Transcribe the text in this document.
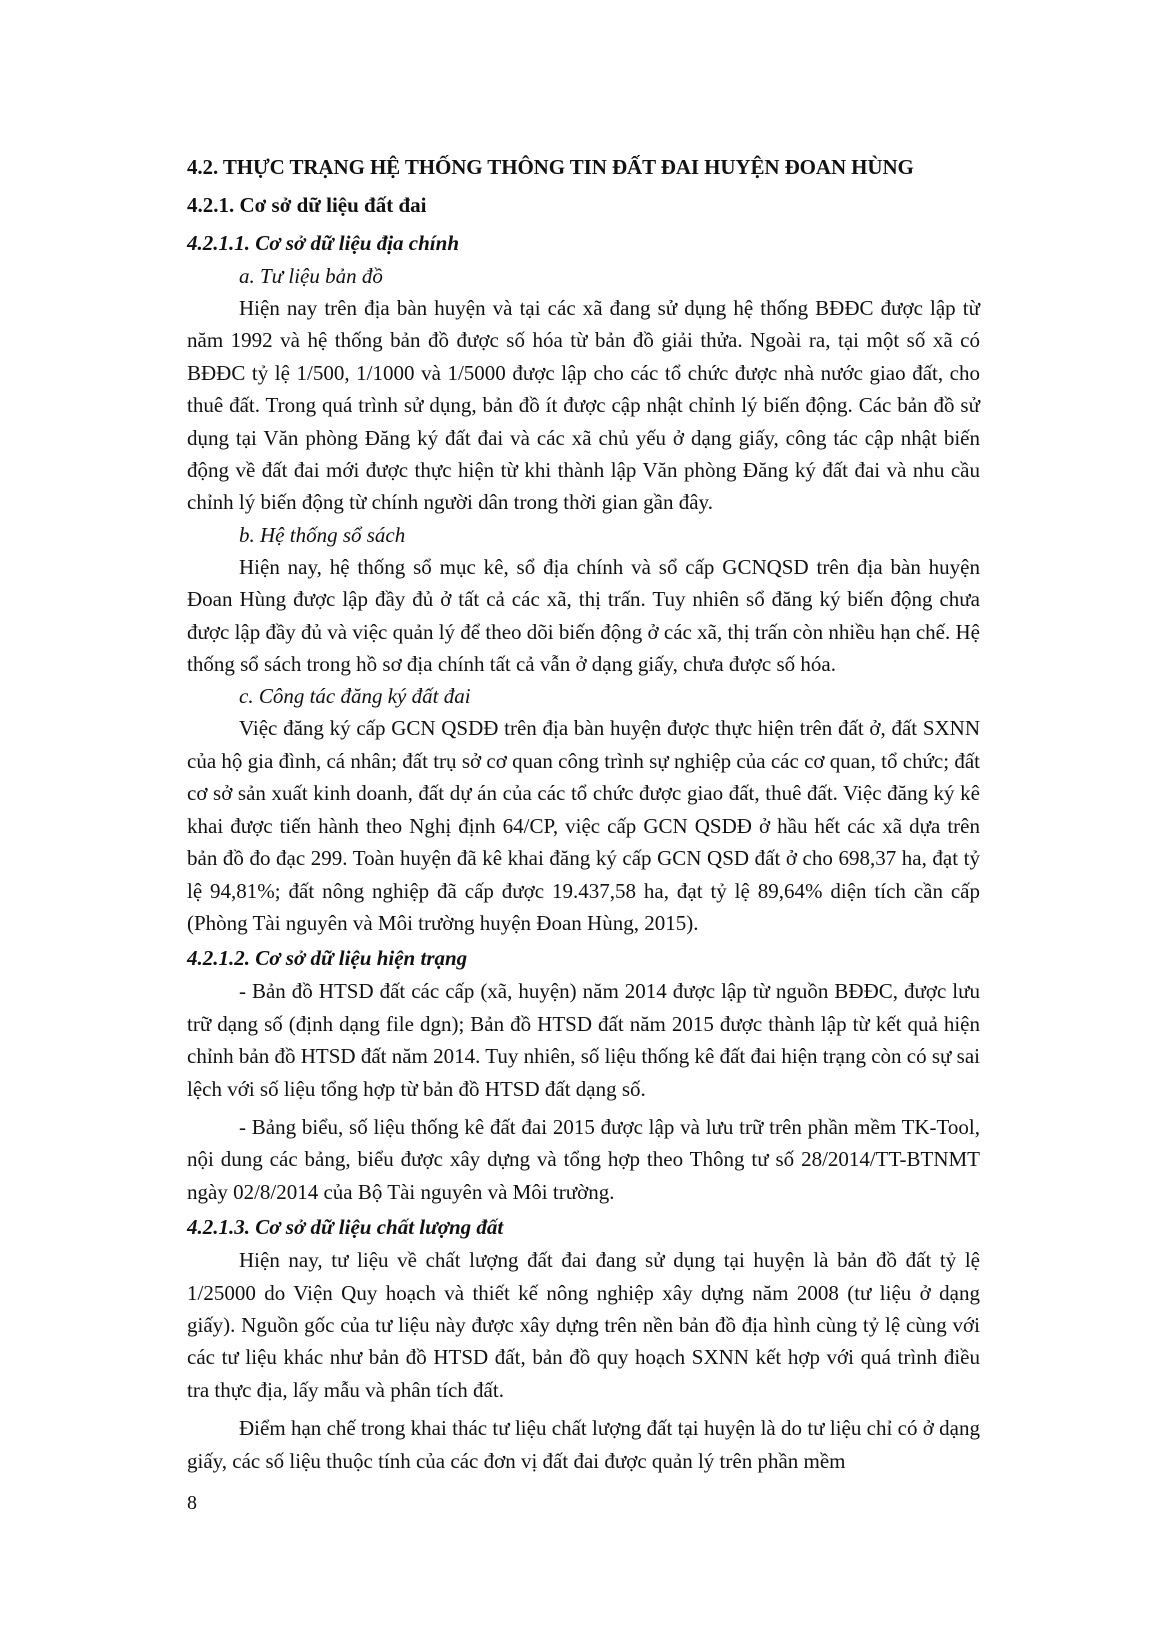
4.2. THỰC TRẠNG HỆ THỐNG THÔNG TIN ĐẤT ĐAI HUYỆN ĐOAN HÙNG
4.2.1. Cơ sở dữ liệu đất đai
4.2.1.1. Cơ sở dữ liệu địa chính

a. Tư liệu bản đồ

Hiện nay trên địa bàn huyện và tại các xã đang sử dụng hệ thống BĐĐC được lập từ năm 1992 và hệ thống bản đồ được số hóa từ bản đồ giải thửa. Ngoài ra, tại một số xã có BĐĐC tỷ lệ 1/500, 1/1000 và 1/5000 được lập cho các tổ chức được nhà nước giao đất, cho thuê đất. Trong quá trình sử dụng, bản đồ ít được cập nhật chỉnh lý biến động. Các bản đồ sử dụng tại Văn phòng Đăng ký đất đai và các xã chủ yếu ở dạng giấy, công tác cập nhật biến động về đất đai mới được thực hiện từ khi thành lập Văn phòng Đăng ký đất đai và nhu cầu chỉnh lý biến động từ chính người dân trong thời gian gần đây.

b. Hệ thống sổ sách

Hiện nay, hệ thống sổ mục kê, sổ địa chính và sổ cấp GCNQSD trên địa bàn huyện Đoan Hùng được lập đầy đủ ở tất cả các xã, thị trấn. Tuy nhiên sổ đăng ký biến động chưa được lập đầy đủ và việc quản lý để theo dõi biến động ở các xã, thị trấn còn nhiều hạn chế. Hệ thống sổ sách trong hồ sơ địa chính tất cả vẫn ở dạng giấy, chưa được số hóa.

c. Công tác đăng ký đất đai

Việc đăng ký cấp GCN QSDĐ trên địa bàn huyện được thực hiện trên đất ở, đất SXNN của hộ gia đình, cá nhân; đất trụ sở cơ quan công trình sự nghiệp của các cơ quan, tổ chức; đất cơ sở sản xuất kinh doanh, đất dự án của các tổ chức được giao đất, thuê đất. Việc đăng ký kê khai được tiến hành theo Nghị định 64/CP, việc cấp GCN QSDĐ ở hầu hết các xã dựa trên bản đồ đo đạc 299. Toàn huyện đã kê khai đăng ký cấp GCN QSD đất ở cho 698,37 ha, đạt tỷ lệ 94,81%; đất nông nghiệp đã cấp được 19.437,58 ha, đạt tỷ lệ 89,64% diện tích cần cấp (Phòng Tài nguyên và Môi trường huyện Đoan Hùng, 2015).

4.2.1.2. Cơ sở dữ liệu hiện trạng

- Bản đồ HTSD đất các cấp (xã, huyện) năm 2014 được lập từ nguồn BĐĐC, được lưu trữ dạng số (định dạng file dgn); Bản đồ HTSD đất năm 2015 được thành lập từ kết quả hiện chỉnh bản đồ HTSD đất năm 2014. Tuy nhiên, số liệu thống kê đất đai hiện trạng còn có sự sai lệch với số liệu tổng hợp từ bản đồ HTSD đất dạng số.

- Bảng biểu, số liệu thống kê đất đai 2015 được lập và lưu trữ trên phần mềm TK-Tool, nội dung các bảng, biểu được xây dựng và tổng hợp theo Thông tư số 28/2014/TT-BTNMT ngày 02/8/2014 của Bộ Tài nguyên và Môi trường.

4.2.1.3. Cơ sở dữ liệu chất lượng đất

Hiện nay, tư liệu về chất lượng đất đai đang sử dụng tại huyện là bản đồ đất tỷ lệ 1/25000 do Viện Quy hoạch và thiết kế nông nghiệp xây dựng năm 2008 (tư liệu ở dạng giấy). Nguồn gốc của tư liệu này được xây dựng trên nền bản đồ địa hình cùng tỷ lệ cùng với các tư liệu khác như bản đồ HTSD đất, bản đồ quy hoạch SXNN kết hợp với quá trình điều tra thực địa, lấy mẫu và phân tích đất.

Điểm hạn chế trong khai thác tư liệu chất lượng đất tại huyện là do tư liệu chỉ có ở dạng giấy, các số liệu thuộc tính của các đơn vị đất đai được quản lý trên phần mềm

8
